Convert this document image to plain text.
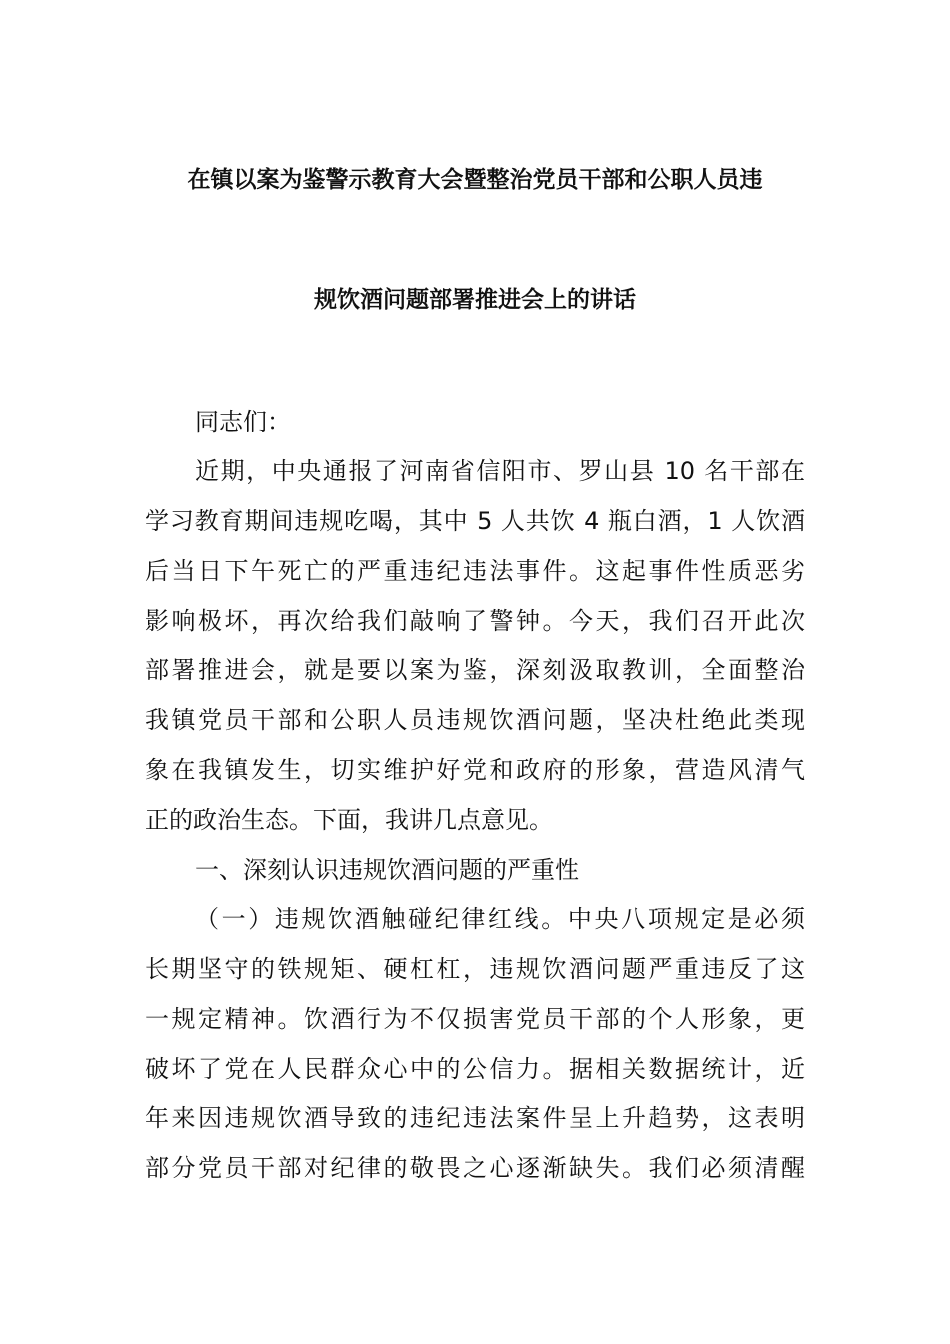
在镇以案为鉴警示教育大会暨整治党员干部和公职人员违
规饮酒问题部署推进会上的讲话
同志们：
近期，中央通报了河南省信阳市、罗山县 10 名干部在
学习教育期间违规吃喝，其中 5 人共饮 4 瓶白酒，1 人饮酒
后当日下午死亡的严重违纪违法事件。这起事件性质恶劣
影响极坏，再次给我们敲响了警钟。今天，我们召开此次
部署推进会，就是要以案为鉴，深刻汲取教训，全面整治
我镇党员干部和公职人员违规饮酒问题，坚决杜绝此类现
象在我镇发生，切实维护好党和政府的形象，营造风清气
正的政治生态。下面，我讲几点意见。
一、深刻认识违规饮酒问题的严重性
（一）违规饮酒触碰纪律红线。中央八项规定是必须
长期坚守的铁规矩、硬杠杠，违规饮酒问题严重违反了这
一规定精神。饮酒行为不仅损害党员干部的个人形象，更
破坏了党在人民群众心中的公信力。据相关数据统计，近
年来因违规饮酒导致的违纪违法案件呈上升趋势，这表明
部分党员干部对纪律的敬畏之心逐渐缺失。我们必须清醒
